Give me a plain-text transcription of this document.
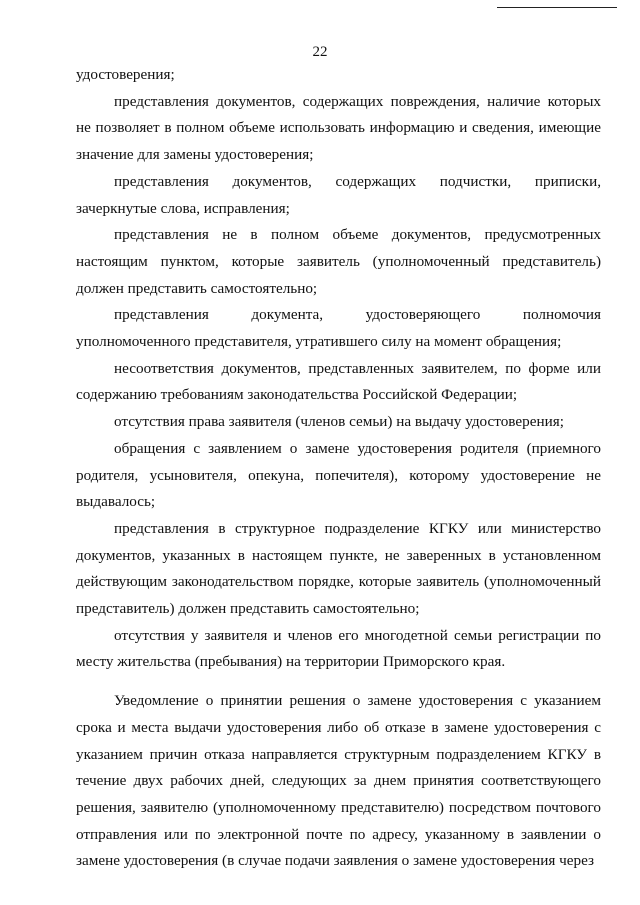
22

удостоверения;

представления документов, содержащих повреждения, наличие которых не позволяет в полном объеме использовать информацию и сведения, имеющие значение для замены удостоверения;

представления документов, содержащих подчистки, приписки, зачеркнутые слова, исправления;

представления не в полном объеме документов, предусмотренных настоящим пунктом, которые заявитель (уполномоченный представитель) должен представить самостоятельно;

представления документа, удостоверяющего полномочия уполномоченного представителя, утратившего силу на момент обращения;

несоответствия документов, представленных заявителем, по форме или содержанию требованиям законодательства Российской Федерации;

отсутствия права заявителя (членов семьи) на выдачу удостоверения;

обращения с заявлением о замене удостоверения родителя (приемного родителя, усыновителя, опекуна, попечителя), которому удостоверение не выдавалось;

представления в структурное подразделение КГКУ или министерство документов, указанных в настоящем пункте, не заверенных в установленном действующим законодательством порядке, которые заявитель (уполномоченный представитель) должен представить самостоятельно;

отсутствия у заявителя и членов его многодетной семьи регистрации по месту жительства (пребывания) на территории Приморского края.

Уведомление о принятии решения о замене удостоверения с указанием срока и места выдачи удостоверения либо об отказе в замене удостоверения с указанием причин отказа направляется структурным подразделением КГКУ в течение двух рабочих дней, следующих за днем принятия соответствующего решения, заявителю (уполномоченному представителю) посредством почтового отправления или по электронной почте по адресу, указанному в заявлении о замене удостоверения (в случае подачи заявления о замене удостоверения через
